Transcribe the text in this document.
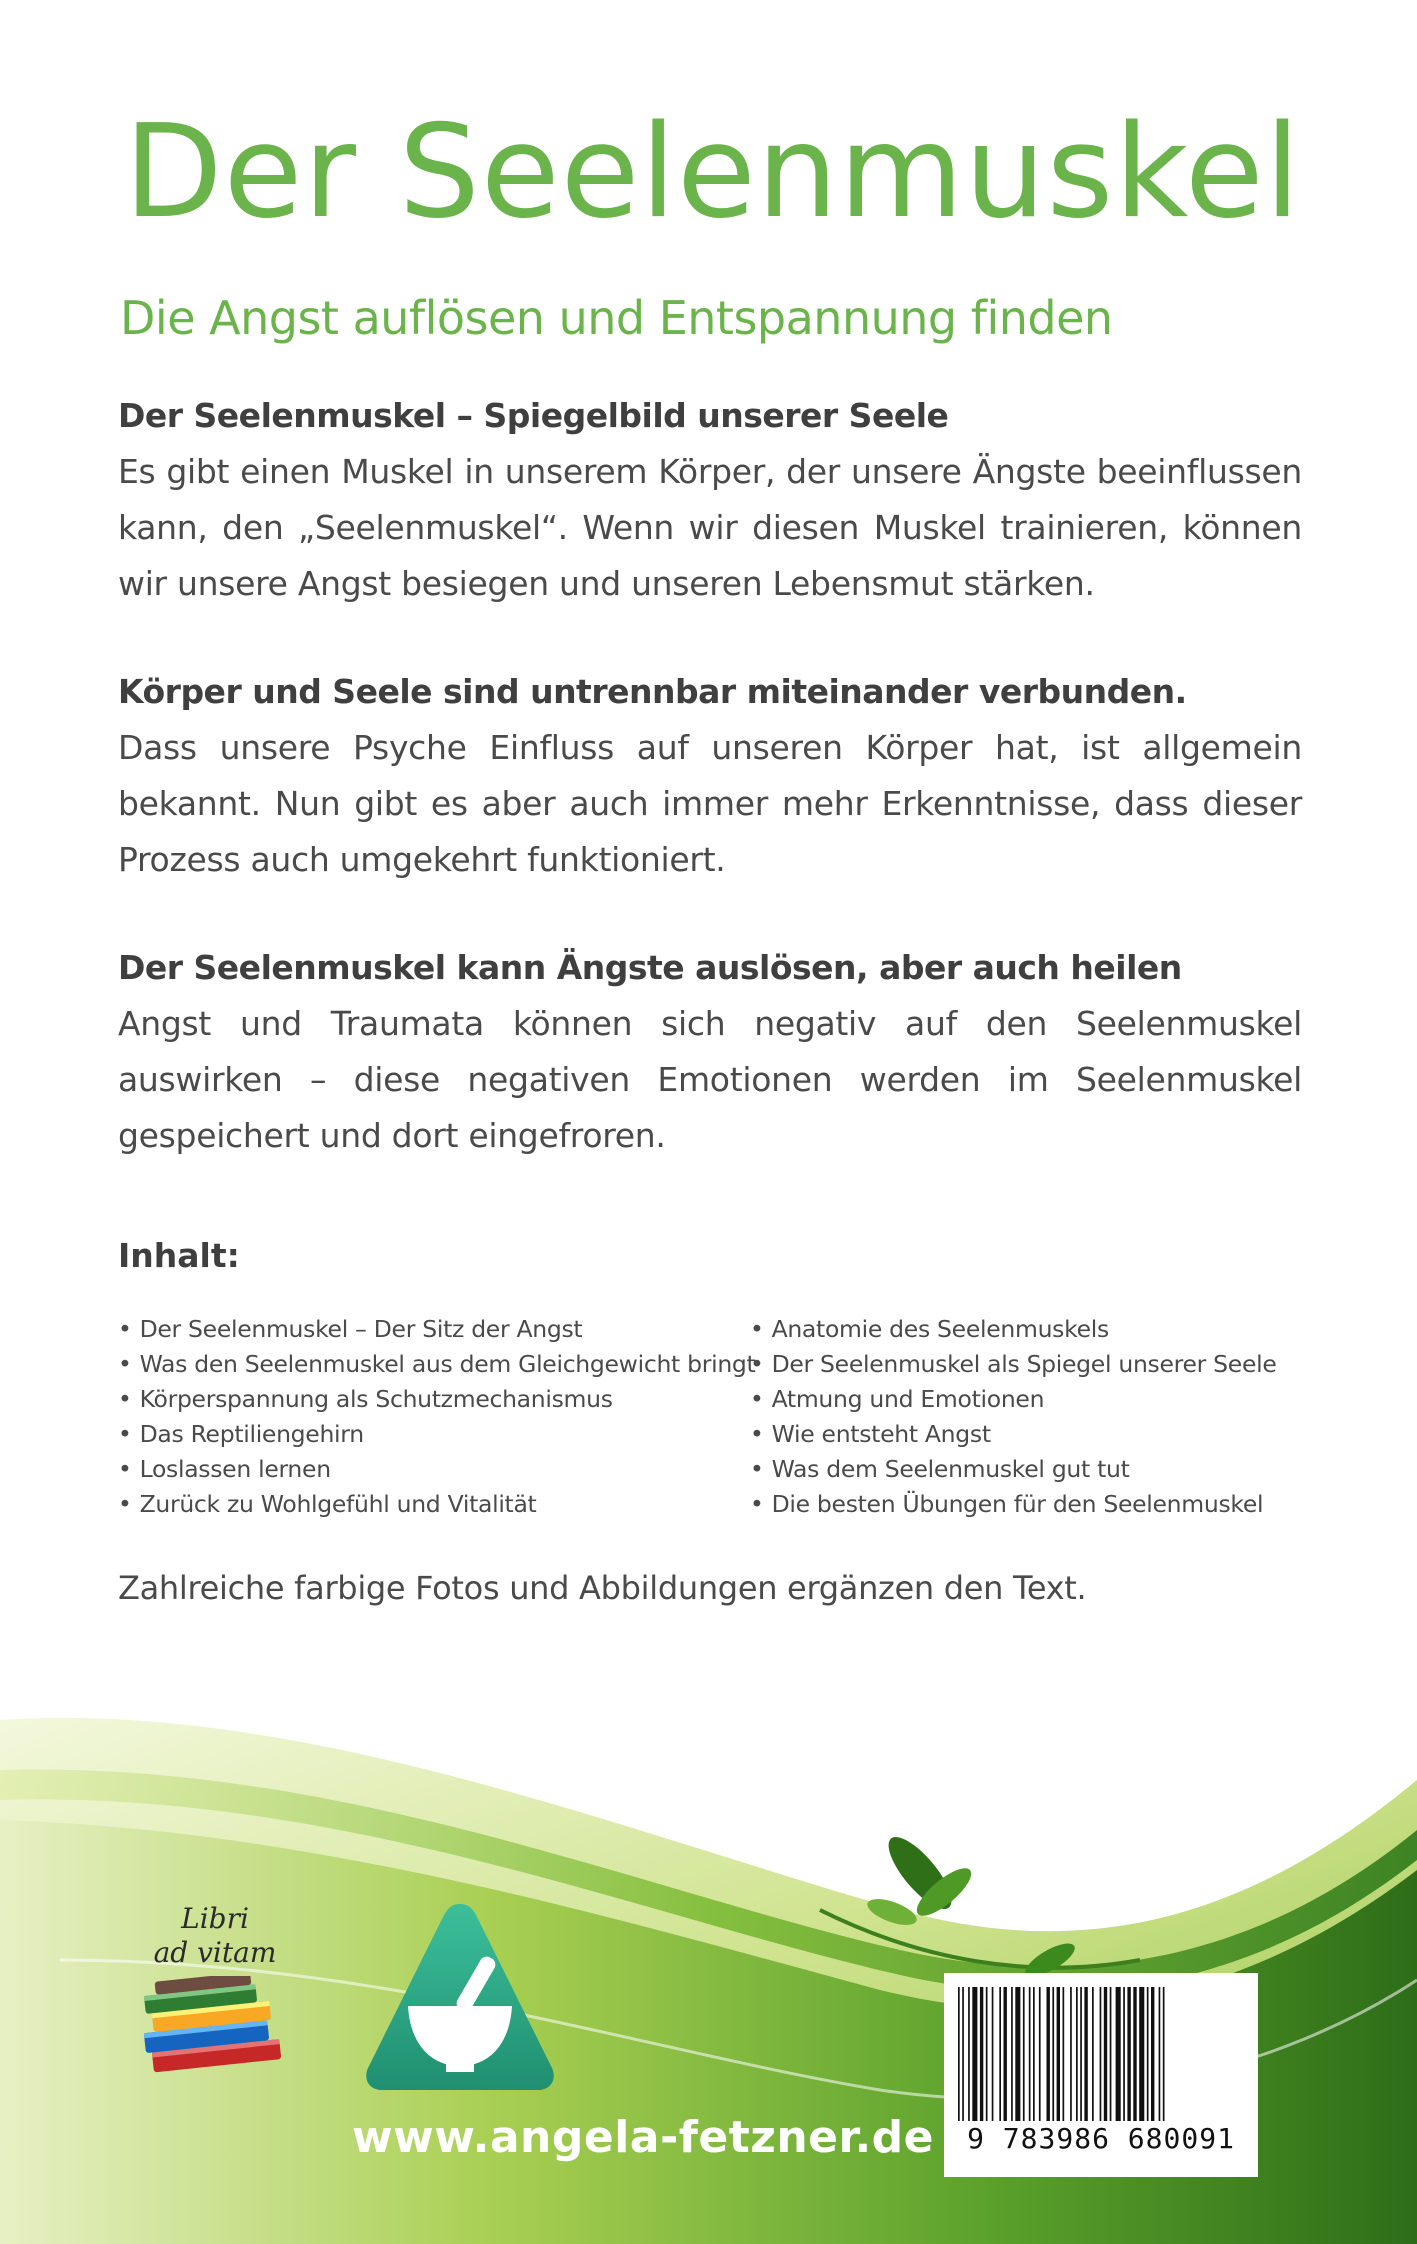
Der Seelenmuskel
Die Angst auflösen und Entspannung finden
Der Seelenmuskel – Spiegelbild unserer Seele

Es gibt einen Muskel in unserem Körper, der unsere Ängste beeinflussen kann, den „Seelenmuskel“. Wenn wir diesen Muskel trainieren, können wir unsere Angst besiegen und unseren Lebensmut stärken.

Körper und Seele sind untrennbar miteinander verbunden.

Dass unsere Psyche Einfluss auf unseren Körper hat, ist allgemein bekannt. Nun gibt es aber auch immer mehr Erkenntnisse, dass dieser Prozess auch umgekehrt funktioniert.

Der Seelenmuskel kann Ängste auslösen, aber auch heilen

Angst und Traumata können sich negativ auf den Seelenmuskel auswirken – diese negativen Emotionen werden im Seelenmuskel gespeichert und dort eingefroren.

Inhalt:
• Der Seelenmuskel – Der Sitz der Angst
• Was den Seelenmuskel aus dem Gleichgewicht bringt
• Körperspannung als Schutzmechanismus
• Das Reptiliengehirn
• Loslassen lernen
• Zurück zu Wohlgefühl und Vitalität
• Anatomie des Seelenmuskels
• Der Seelenmuskel als Spiegel unserer Seele
• Atmung und Emotionen
• Wie entsteht Angst
• Was dem Seelenmuskel gut tut
• Die besten Übungen für den Seelenmuskel

Zahlreiche farbige Fotos und Abbildungen ergänzen den Text.

Libri
ad vitam

www.angela-fetzner.de	9 783986 680091
